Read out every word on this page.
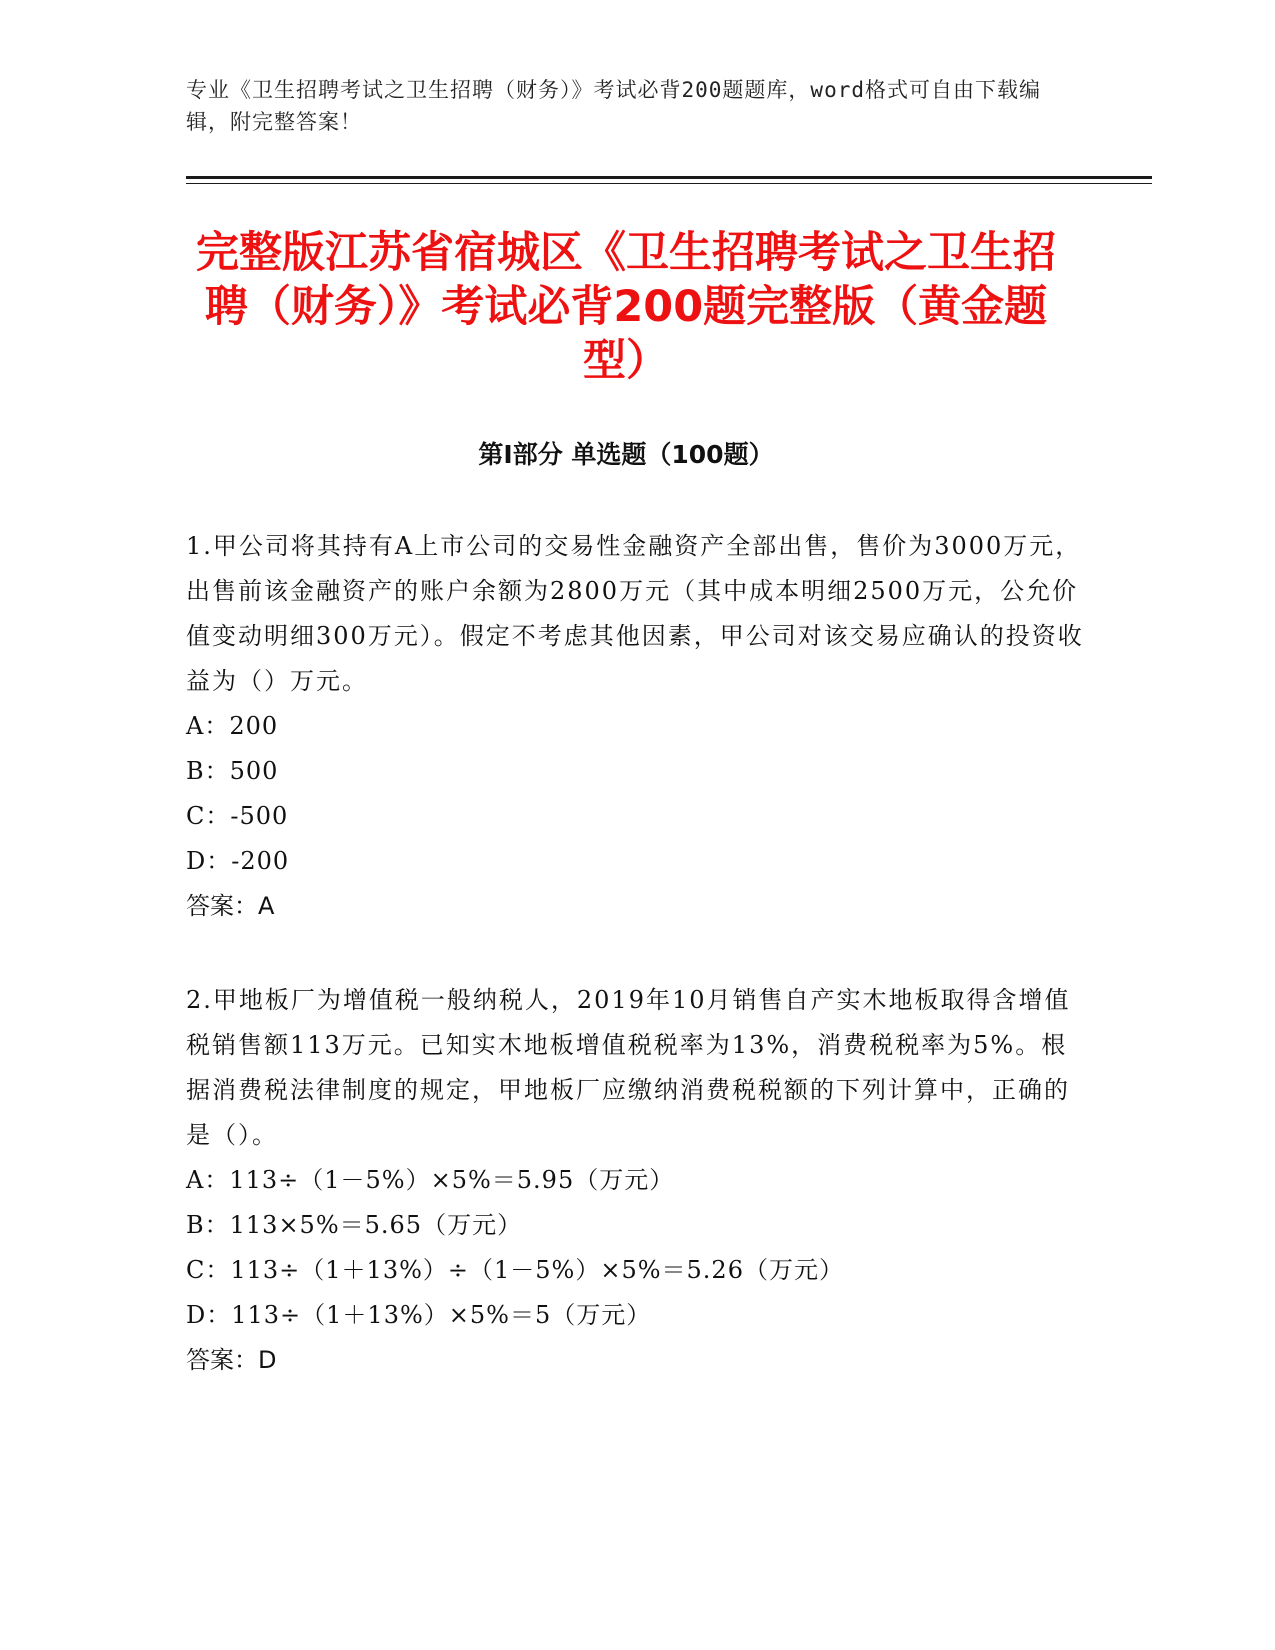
专业《卫生招聘考试之卫生招聘（财务）》考试必背200题题库，word格式可自由下载编辑，附完整答案！
完整版江苏省宿城区《卫生招聘考试之卫生招聘（财务）》考试必背200题完整版（黄金题型）
第I部分 单选题（100题）

1.甲公司将其持有A上市公司的交易性金融资产全部出售，售价为3000万元，出售前该金融资产的账户余额为2800万元（其中成本明细2500万元，公允价值变动明细300万元）。假定不考虑其他因素，甲公司对该交易应确认的投资收益为（）万元。

A：200

B：500

C：-500

D：-200

答案：A

2.甲地板厂为增值税一般纳税人，2019年10月销售自产实木地板取得含增值税销售额113万元。已知实木地板增值税税率为13%，消费税税率为5%。根据消费税法律制度的规定，甲地板厂应缴纳消费税税额的下列计算中，正确的是（）。

A：113÷（1－5%）×5%＝5.95（万元）

B：113×5%＝5.65（万元）

C：113÷（1＋13%）÷（1－5%）×5%＝5.26（万元）

D：113÷（1＋13%）×5%＝5（万元）

答案：D
